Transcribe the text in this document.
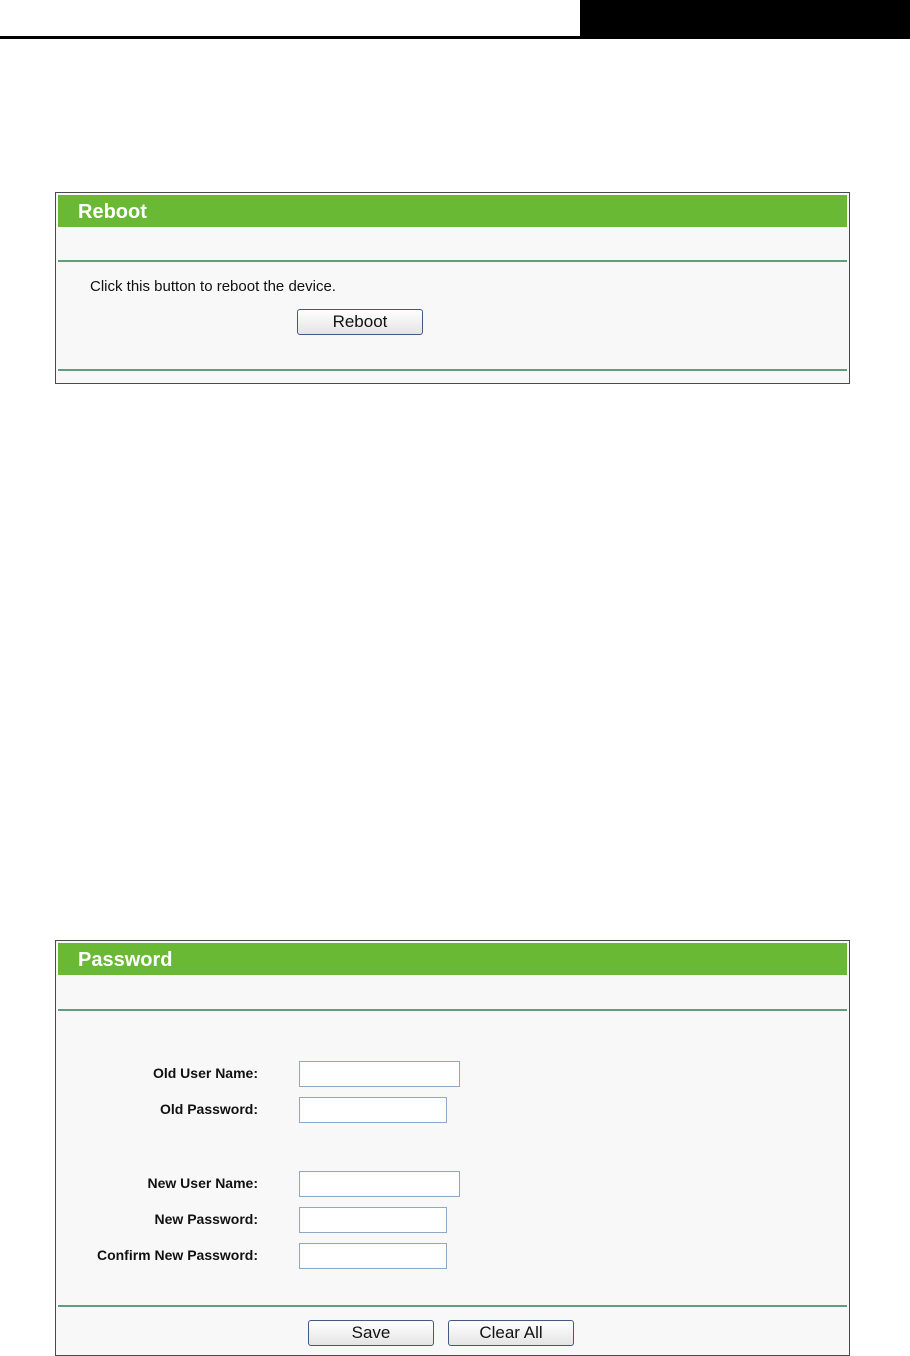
Reboot
Click this button to reboot the device.
Reboot
Password
Old User Name:
Old Password:
New User Name:
New Password:
Confirm New Password:
Save	Clear All
